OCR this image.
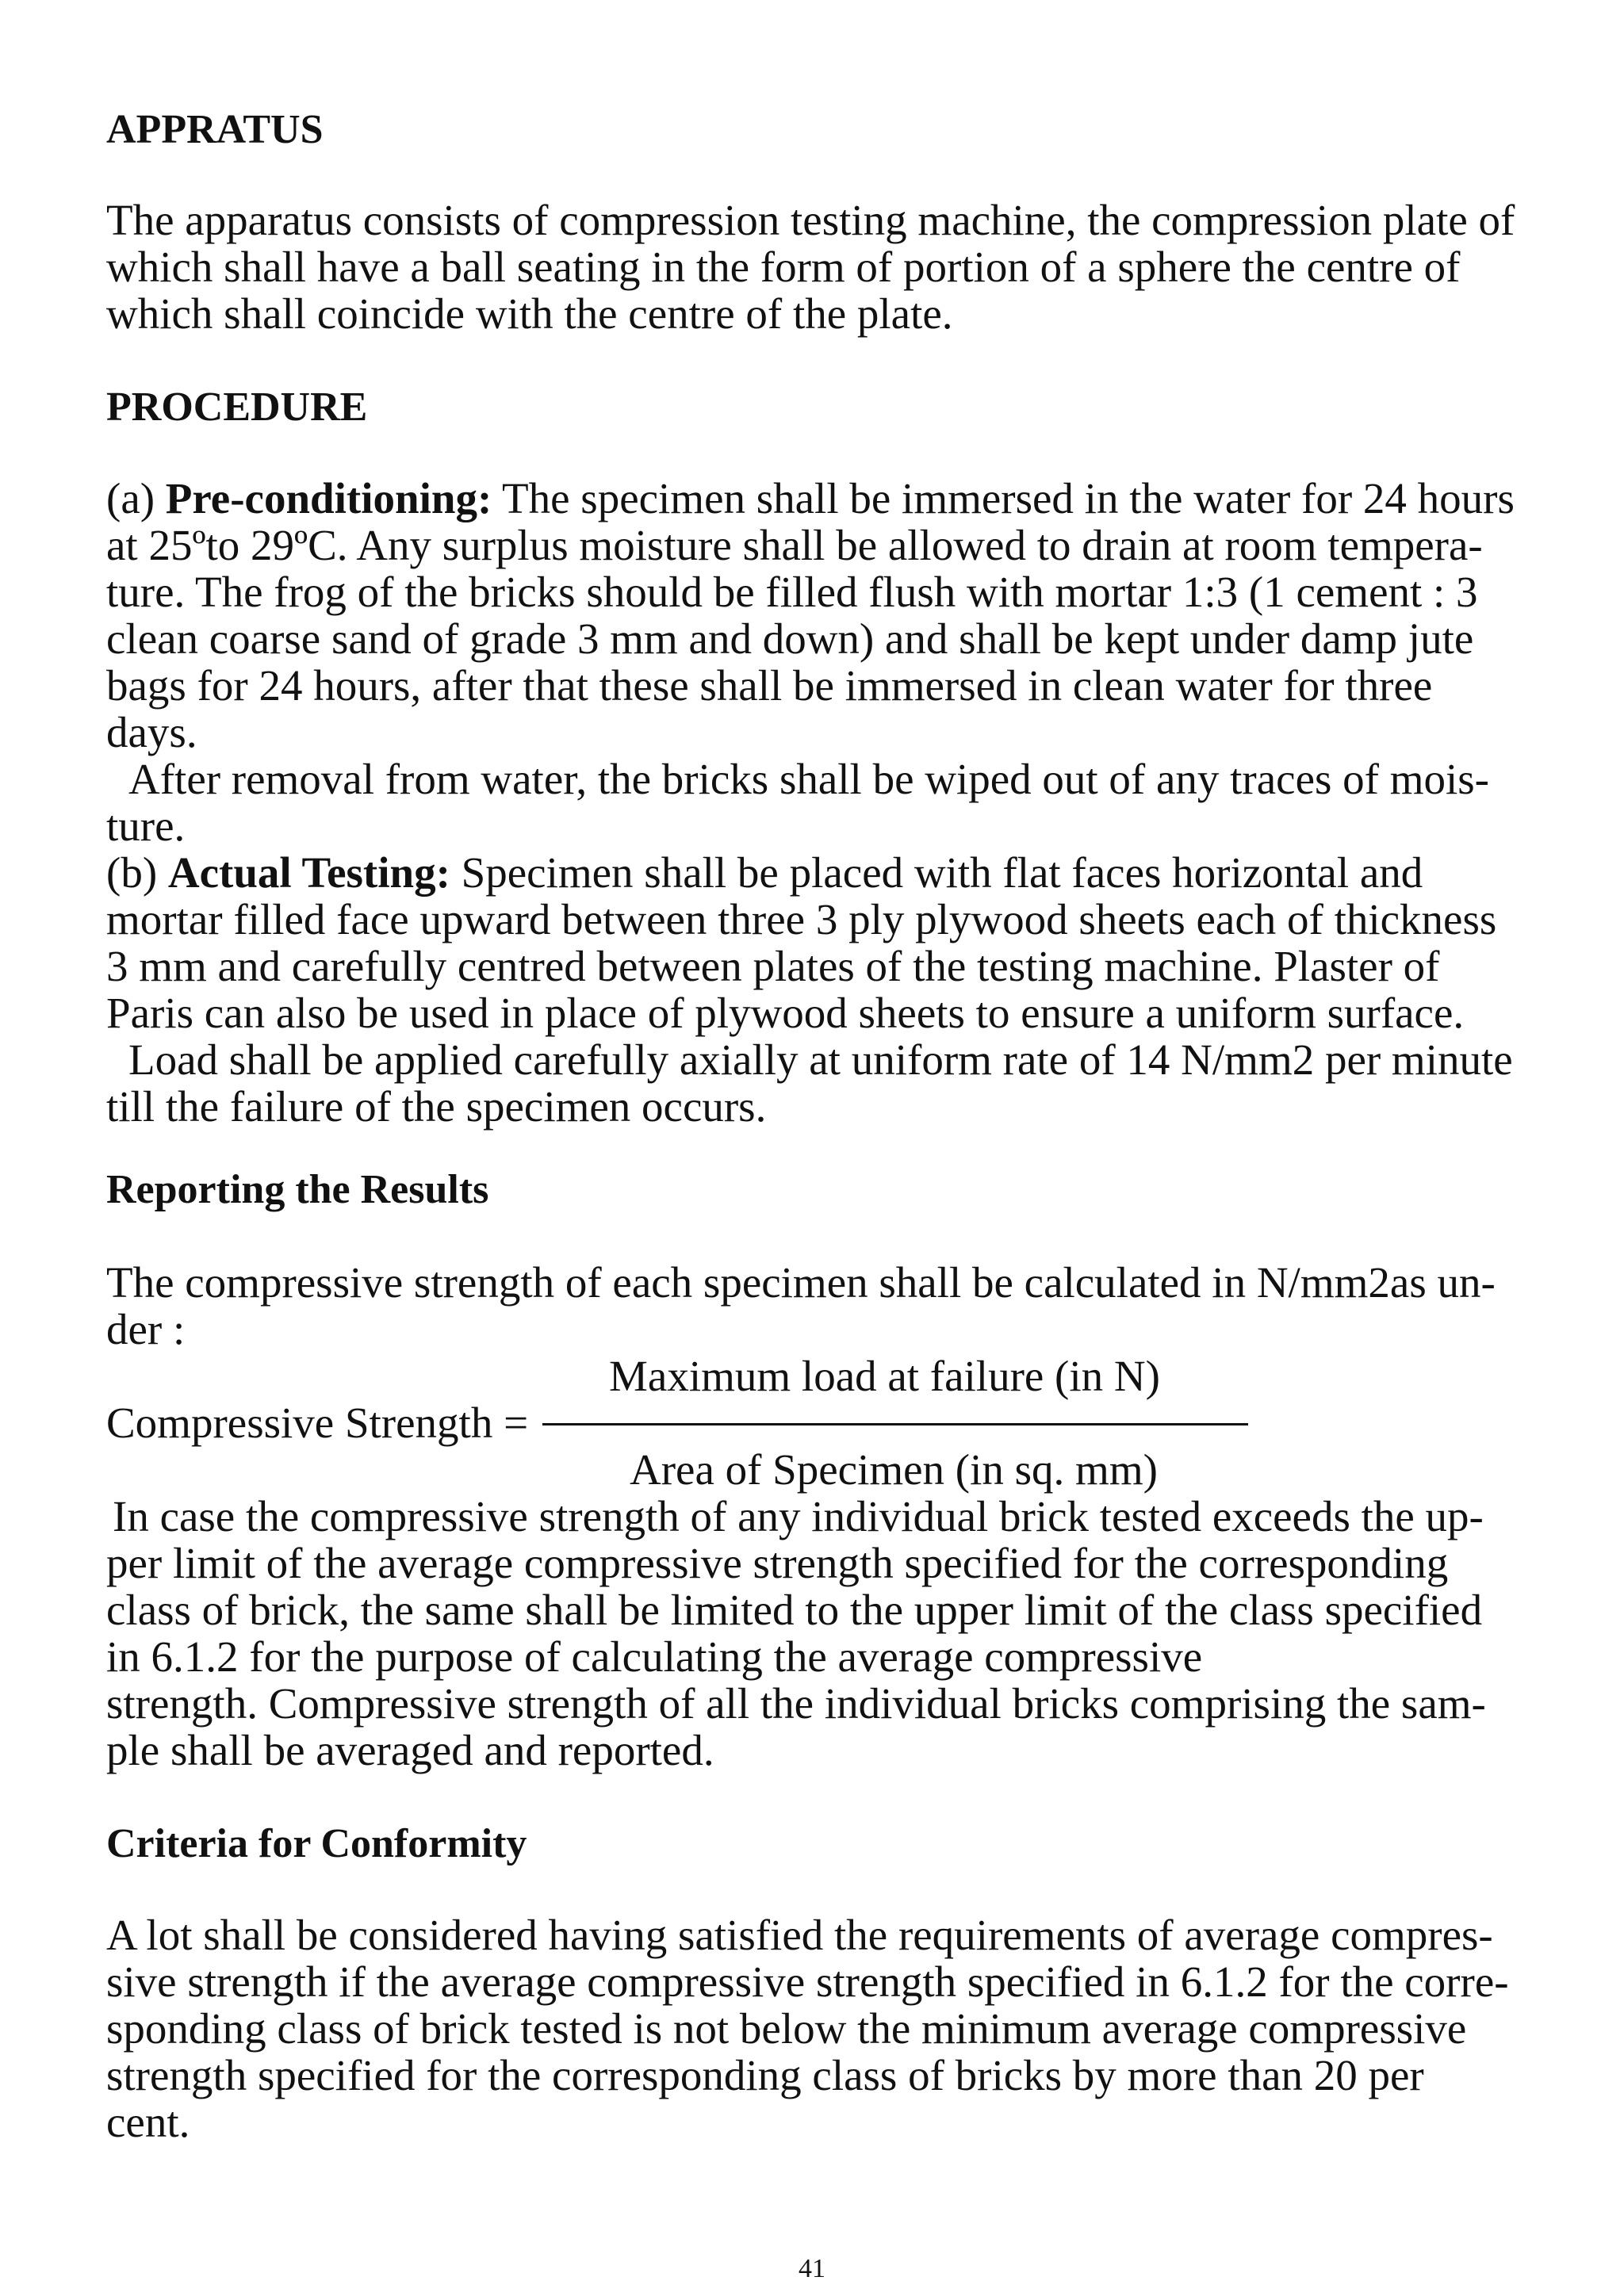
APPRATUS

The apparatus consists of compression testing machine, the compression plate of
which shall have a ball seating in the form of portion of a sphere the centre of
which shall coincide with the centre of the plate.

PROCEDURE

(a) Pre-conditioning: The specimen shall be immersed in the water for 24 hours
at 25ºto 29ºC. Any surplus moisture shall be allowed to drain at room tempera-
ture. The frog of the bricks should be filled flush with mortar 1:3 (1 cement : 3
clean coarse sand of grade 3 mm and down) and shall be kept under damp jute
bags for 24 hours, after that these shall be immersed in clean water for three
days.
After removal from water, the bricks shall be wiped out of any traces of mois-
ture.
(b) Actual Testing: Specimen shall be placed with flat faces horizontal and
mortar filled face upward between three 3 ply plywood sheets each of thickness
3 mm and carefully centred between plates of the testing machine. Plaster of
Paris can also be used in place of plywood sheets to ensure a uniform surface.
Load shall be applied carefully axially at uniform rate of 14 N/mm2 per minute
till the failure of the specimen occurs.

Reporting the Results

The compressive strength of each specimen shall be calculated in N/mm2as un-
der :

Maximum load at failure (in N)
Compressive Strength =
Area of Specimen (in sq. mm)

In case the compressive strength of any individual brick tested exceeds the up-
per limit of the average compressive strength specified for the corresponding
class of brick, the same shall be limited to the upper limit of the class specified
in 6.1.2 for the purpose of calculating the average compressive
strength. Compressive strength of all the individual bricks comprising the sam-
ple shall be averaged and reported.

Criteria for Conformity

A lot shall be considered having satisfied the requirements of average compres-
sive strength if the average compressive strength specified in 6.1.2 for the corre-
sponding class of brick tested is not below the minimum average compressive
strength specified for the corresponding class of bricks by more than 20 per
cent.

41
